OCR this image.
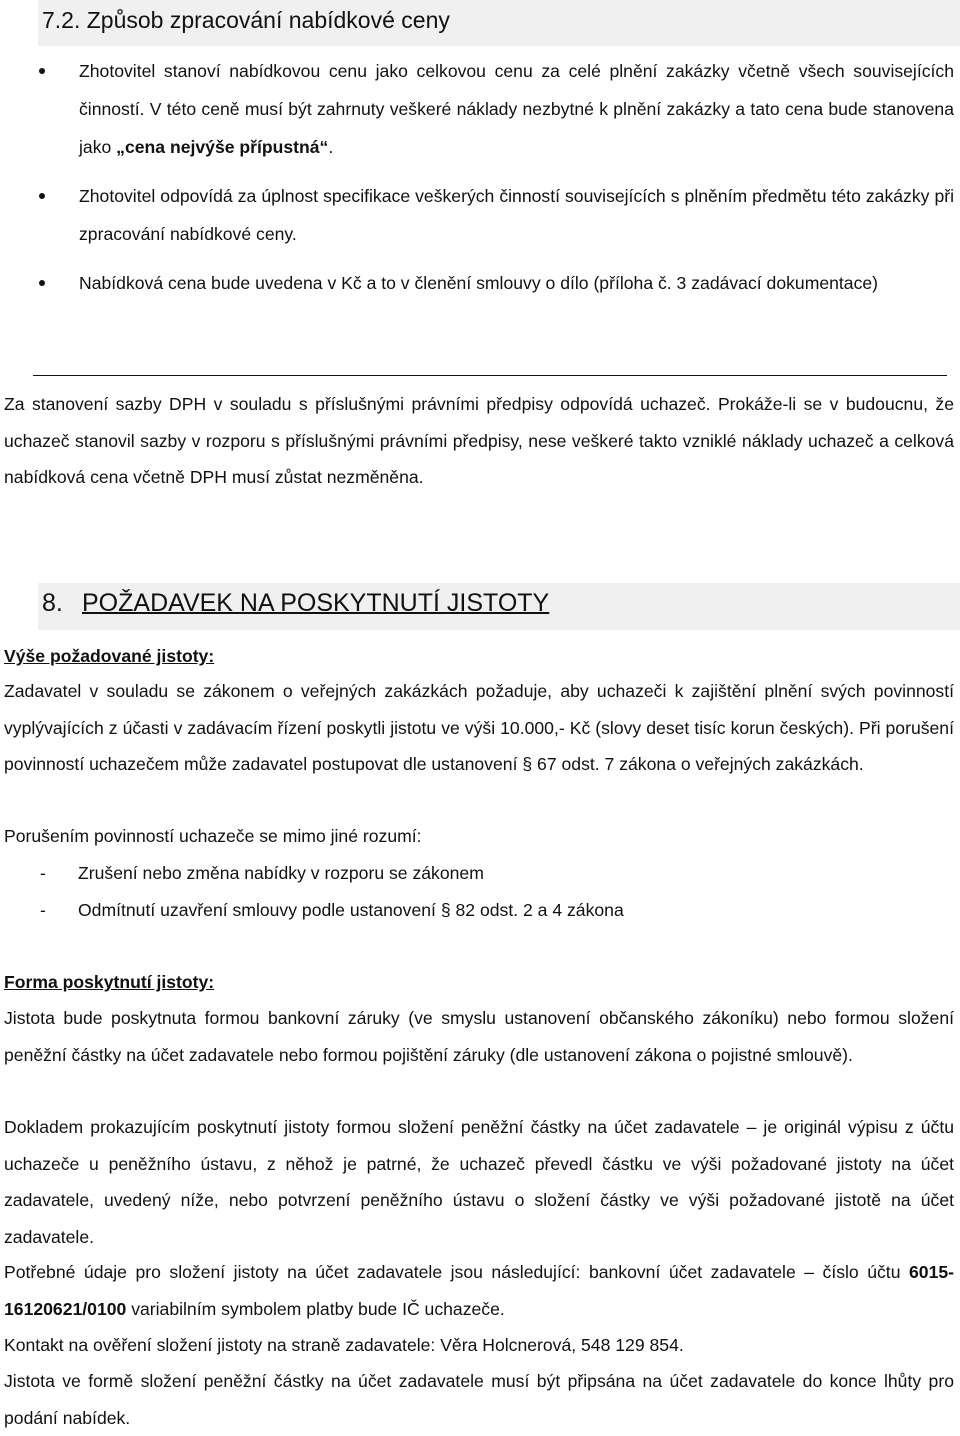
7.2. Způsob zpracování nabídkové ceny
Zhotovitel stanoví nabídkovou cenu jako celkovou cenu za celé plnění zakázky včetně všech souvisejících činností. V této ceně musí být zahrnuty veškeré náklady nezbytné k plnění zakázky a tato cena bude stanovena jako „cena nejvýše přípustná“.
Zhotovitel odpovídá za úplnost specifikace veškerých činností souvisejících s plněním předmětu této zakázky při zpracování nabídkové ceny.
Nabídková cena bude uvedena v Kč a to v členění smlouvy o dílo (příloha č. 3 zadávací dokumentace)

Za stanovení sazby DPH v souladu s příslušnými právními předpisy odpovídá uchazeč. Prokáže-li se v budoucnu, že uchazeč stanovil sazby v rozporu s příslušnými právními předpisy, nese veškeré takto vzniklé náklady uchazeč a celková nabídková cena včetně DPH musí zůstat nezměněna.

8. POŽADAVEK NA POSKYTNUTÍ JISTOTY
Výše požadované jistoty:

Zadavatel v souladu se zákonem o veřejných zakázkách požaduje, aby uchazeči k zajištění plnění svých povinností vyplývajících z účasti v zadávacím řízení poskytli jistotu ve výši 10.000,- Kč (slovy deset tisíc korun českých). Při porušení povinností uchazečem může zadavatel postupovat dle ustanovení § 67 odst. 7 zákona o veřejných zakázkách.

Porušením povinností uchazeče se mimo jiné rozumí:

- Zrušení nebo změna nabídky v rozporu se zákonem
- Odmítnutí uzavření smlouvy podle ustanovení § 82 odst. 2 a 4 zákona
Forma poskytnutí jistoty:

Jistota bude poskytnuta formou bankovní záruky (ve smyslu ustanovení občanského zákoníku) nebo formou složení peněžní částky na účet zadavatele nebo formou pojištění záruky (dle ustanovení zákona o pojistné smlouvě).

Dokladem prokazujícím poskytnutí jistoty formou složení peněžní částky na účet zadavatele – je originál výpisu z účtu uchazeče u peněžního ústavu, z něhož je patrné, že uchazeč převedl částku ve výši požadované jistoty na účet zadavatele, uvedený níže, nebo potvrzení peněžního ústavu o složení částky ve výši požadované jistotě na účet zadavatele.

Potřebné údaje pro složení jistoty na účet zadavatele jsou následující: bankovní účet zadavatele – číslo účtu 6015-16120621/0100 variabilním symbolem platby bude IČ uchazeče.

Kontakt na ověření složení jistoty na straně zadavatele: Věra Holcnerová, 548 129 854.

Jistota ve formě složení peněžní částky na účet zadavatele musí být připsána na účet zadavatele do konce lhůty pro podání nabídek.
